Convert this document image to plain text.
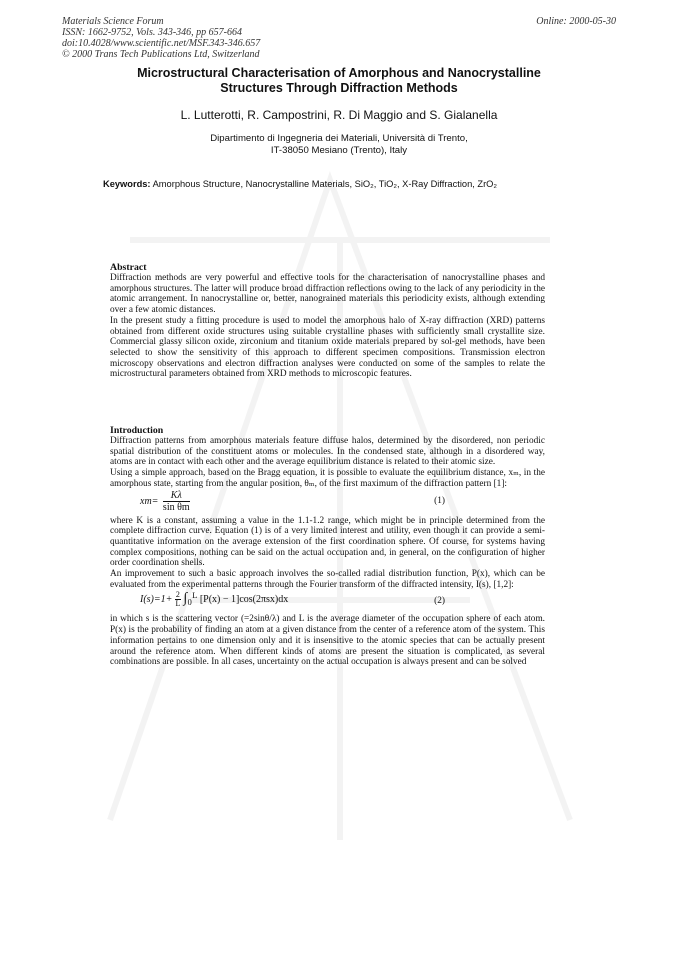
Materials Science Forum
ISSN: 1662-9752, Vols. 343-346, pp 657-664
doi:10.4028/www.scientific.net/MSF.343-346.657
© 2000 Trans Tech Publications Ltd, Switzerland
Online: 2000-05-30
Microstructural Characterisation of Amorphous and Nanocrystalline
Structures Through Diffraction Methods
L. Lutterotti, R. Campostrini, R. Di Maggio and S. Gialanella
Dipartimento di Ingegneria dei Materiali, Università di Trento,
IT-38050 Mesiano (Trento), Italy
Keywords: Amorphous Structure, Nanocrystalline Materials, SiO₂, TiO₂, X-Ray Diffraction, ZrO₂
Abstract

Diffraction methods are very powerful and effective tools for the characterisation of nanocrystalline phases and amorphous structures. The latter will produce broad diffraction reflections owing to the lack of any periodicity in the atomic arrangement. In nanocrystalline or, better, nanograined materials this periodicity exists, although extending over a few atomic distances.

In the present study a fitting procedure is used to model the amorphous halo of X-ray diffraction (XRD) patterns obtained from different oxide structures using suitable crystalline phases with sufficiently small crystallite size. Commercial glassy silicon oxide, zirconium and titanium oxide materials prepared by sol-gel methods, have been selected to show the sensitivity of this approach to different specimen compositions. Transmission electron microscopy observations and electron diffraction analyses were conducted on some of the samples to relate the microstructural parameters obtained from XRD methods to microscopic features.

Introduction

Diffraction patterns from amorphous materials feature diffuse halos, determined by the disordered, non periodic spatial distribution of the constituent atoms or molecules. In the condensed state, although in a disordered way, atoms are in contact with each other and the average equilibrium distance is related to their atomic size.

Using a simple approach, based on the Bragg equation, it is possible to evaluate the equilibrium distance, xₘ, in the amorphous state, starting from the angular position, θₘ, of the first maximum of the diffraction pattern [1]:

$xm= \frac{K\lambda}{\text{sin θm}}$	(1)

where K is a constant, assuming a value in the 1.1-1.2 range, which might be in principle determined from the complete diffraction curve. Equation (1) is of a very limited interest and utility, even though it can provide a semi-quantitative information on the average extension of the first coordination sphere. Of course, for systems having complex compositions, nothing can be said on the actual occupation and, in general, on the configuration of higher order coordination shells.

An improvement to such a basic approach involves the so-called radial distribution function, P(x), which can be evaluated from the experimental patterns through the Fourier transform of the diffracted intensity, I(s), [1,2]:

$I(s)=1+ \frac{2}{L}$ ∫₀ᴸ [P(x) − 1]cos(2πsx)dx	(2)

in which s is the scattering vector (=2sinθ/λ) and L is the average diameter of the occupation sphere of each atom. P(x) is the probability of finding an atom at a given distance from the center of a reference atom of the system. This information pertains to one dimension only and it is insensitive to the atomic species that can be actually present around the reference atom. When different kinds of atoms are present the situation is complicated, as several combinations are possible. In all cases, uncertainty on the actual occupation is always present and can be solved
